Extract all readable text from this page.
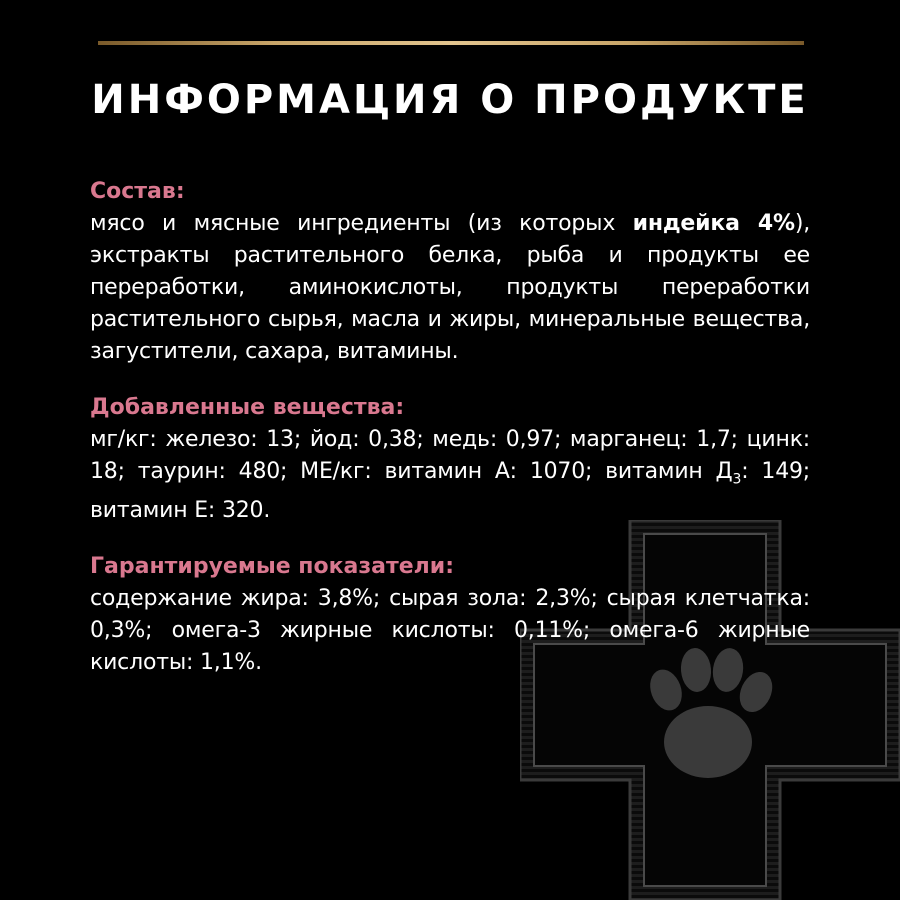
ИНФОРМАЦИЯ О ПРОДУКТЕ

Состав:

мясо и мясные ингредиенты (из которых индейка 4%), экстракты растительного белка, рыба и продукты ее переработки, аминокислоты, продукты переработки растительного сырья, масла и жиры, минеральные вещества, загустители, сахара, витамины.

Добавленные вещества:

мг/кг: железо: 13; йод: 0,38; медь: 0,97; марганец: 1,7; цинк: 18; таурин: 480; МЕ/кг: витамин А: 1070; витамин $Д_3$: 149; витамин Е: 320.

Гарантируемые показатели:

содержание жира: 3,8%; сырая зола: 2,3%; сырая клетчатка: 0,3%; омега-3 жирные кислоты: 0,11%; омега-6 жирные кислоты: 1,1%.
